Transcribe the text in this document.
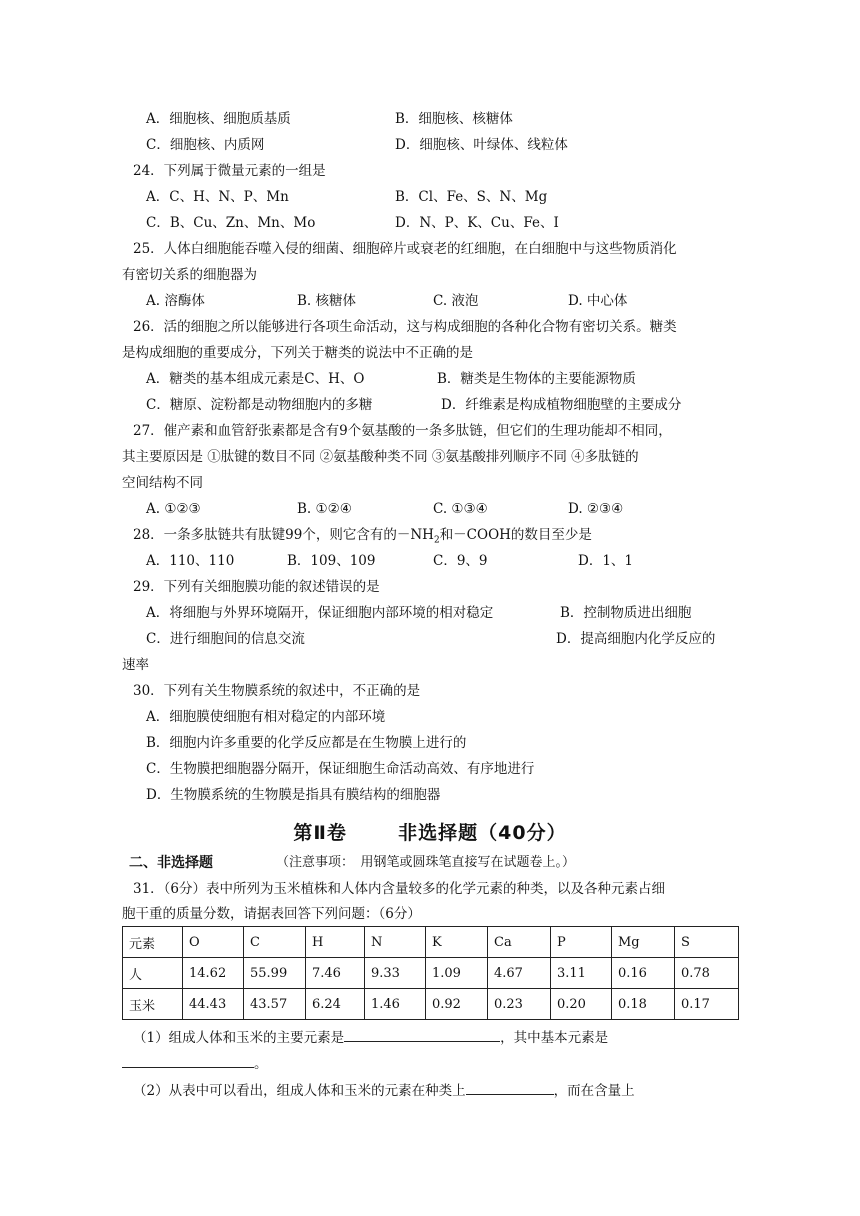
A．细胞核、细胞质基质	B．细胞核、核糖体
C．细胞核、内质网	D．细胞核、叶绿体、线粒体
24．下列属于微量元素的一组是
A．C、H、N、P、Mn	B．Cl、Fe、S、N、Mg
C．B、Cu、Zn、Mn、Mo	D．N、P、K、Cu、Fe、I
25．人体白细胞能吞噬入侵的细菌、细胞碎片或衰老的红细胞，在白细胞中与这些物质消化
有密切关系的细胞器为
A. 溶酶体	B. 核糖体	C. 液泡	D. 中心体
26．活的细胞之所以能够进行各项生命活动，这与构成细胞的各种化合物有密切关系。糖类
是构成细胞的重要成分，下列关于糖类的说法中不正确的是
A．糖类的基本组成元素是C、H、O	B．糖类是生物体的主要能源物质
C．糖原、淀粉都是动物细胞内的多糖	D．纤维素是构成植物细胞壁的主要成分
27．催产素和血管舒张素都是含有9个氨基酸的一条多肽链，但它们的生理功能却不相同，
其主要原因是 ①肽键的数目不同 ②氨基酸种类不同 ③氨基酸排列顺序不同 ④多肽链的
空间结构不同
A. ①②③	B. ①②④	C. ①③④	D. ②③④
28．一条多肽链共有肽键99个，则它含有的$-NH_2$和－COOH的数目至少是
A．110、110	B．109、109	C．9、9	D．1、1
29．下列有关细胞膜功能的叙述错误的是
A．将细胞与外界环境隔开，保证细胞内部环境的相对稳定	B．控制物质进出细胞
C．进行细胞间的信息交流	D．提高细胞内化学反应的
速率
30．下列有关生物膜系统的叙述中，不正确的是
A．细胞膜使细胞有相对稳定的内部环境
B．细胞内许多重要的化学反应都是在生物膜上进行的
C．生物膜把细胞器分隔开，保证细胞生命活动高效、有序地进行
D．生物膜系统的生物膜是指具有膜结构的细胞器
第Ⅱ卷	非选择题（40分）
二、非选择题	（注意事项：　用钢笔或圆珠笔直接写在试题卷上。）
31．（6分）表中所列为玉米植株和人体内含量较多的化学元素的种类，以及各种元素占细
胞干重的质量分数，请据表回答下列问题：（6分）
元素	O	C	H	N	K	Ca	P	Mg	S
人	14.62	55.99	7.46	9.33	1.09	4.67	3.11	0.16	0.78
玉米	44.43	43.57	6.24	1.46	0.92	0.23	0.20	0.18	0.17
（1）组成人体和玉米的主要元素是	，其中基本元素是
。
（2）从表中可以看出，组成人体和玉米的元素在种类上	，而在含量上
